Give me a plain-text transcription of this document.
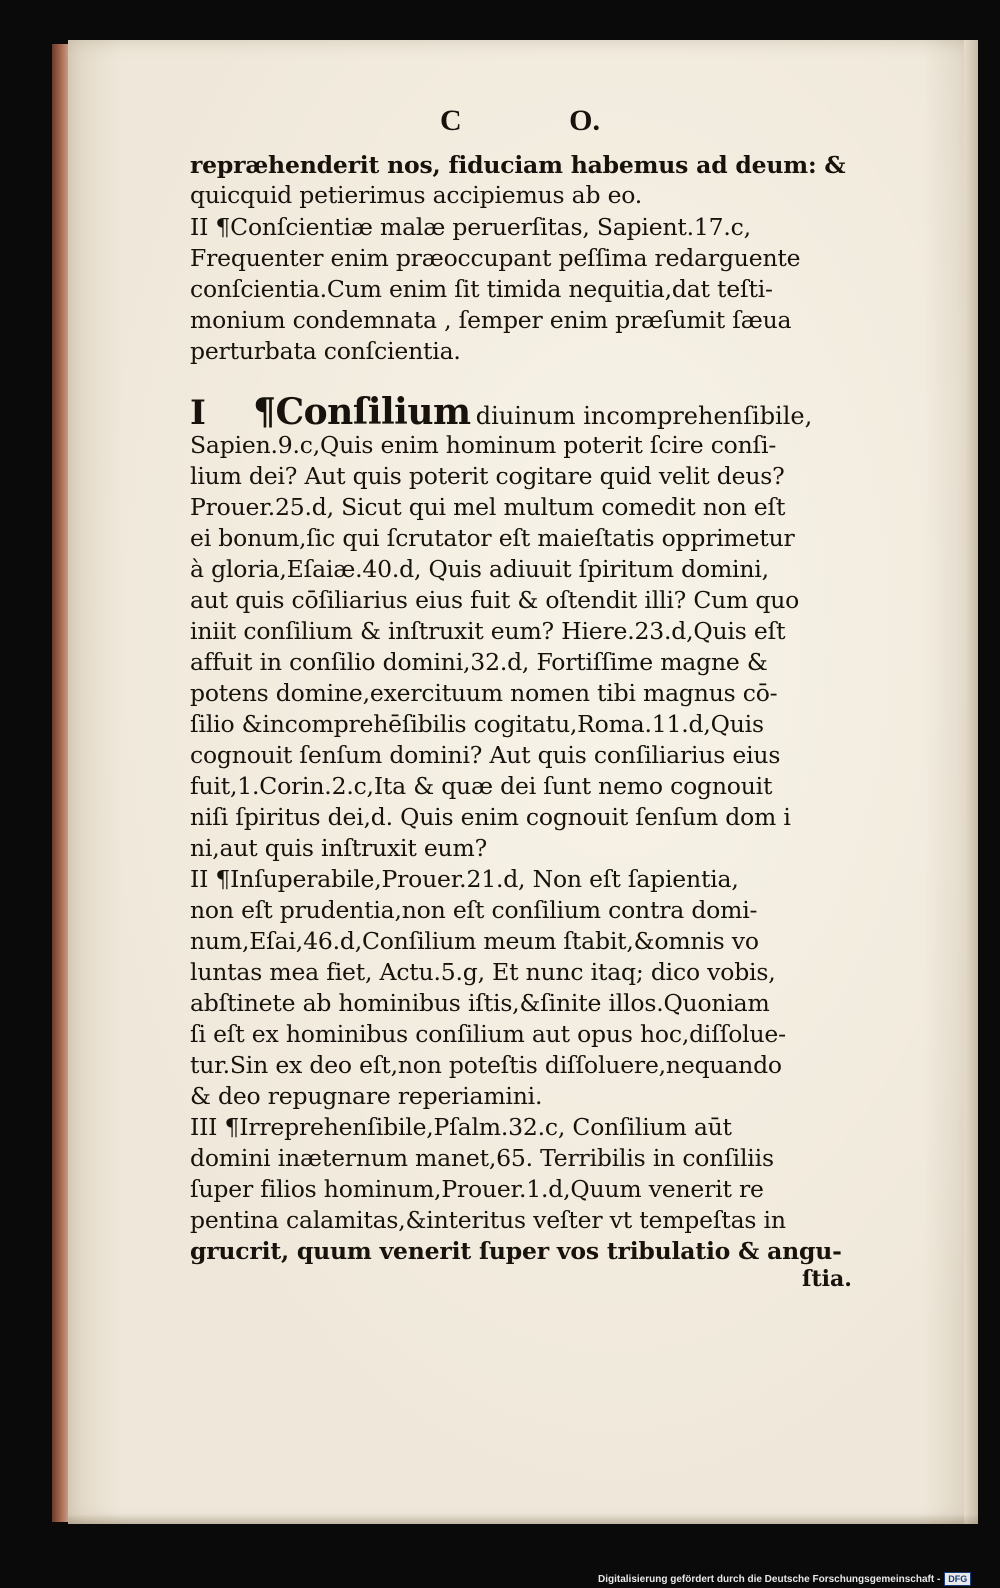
C	O.
repræhenderit nos, fiduciam habemus ad deum: &
quicquid petierimus accipiemus ab eo.
II ¶Conſcientiæ malæ peruerſitas, Sapient.17.c,
Frequenter enim præoccupant peſſima redarguente
conſcientia.Cum enim ſit timida nequitia,dat teſti-
monium condemnata , ſemper enim præſumit ſæua
perturbata conſcientia.
I ¶Conſilium diuinum incomprehenſibile,
Sapien.9.c,Quis enim hominum poterit ſcire conſi-
lium dei? Aut quis poterit cogitare quid velit deus?
Prouer.25.d, Sicut qui mel multum comedit non eſt
ei bonum,ſic qui ſcrutator eſt maieſtatis opprimetur
à gloria,Eſaiæ.40.d, Quis adiuuit ſpiritum domini,
aut quis cōſiliarius eius fuit & oſtendit illi? Cum quo
iniit conſilium & inſtruxit eum? Hiere.23.d,Quis eſt
affuit in conſilio domini,32.d, Fortiſſime magne &
potens domine,exercituum nomen tibi magnus cō-
ſilio &incomprehēſibilis cogitatu,Roma.11.d,Quis
cognouit ſenſum domini? Aut quis conſiliarius eius
fuit,1.Corin.2.c,Ita & quæ dei ſunt nemo cognouit
niſi ſpiritus dei,d. Quis enim cognouit ſenſum dom i
ni,aut quis inſtruxit eum?
II ¶Inſuperabile,Prouer.21.d, Non eſt ſapientia,
non eſt prudentia,non eſt conſilium contra domi-
num,Eſai,46.d,Conſilium meum ſtabit,&omnis vo
luntas mea fiet, Actu.5.g, Et nunc itaq; dico vobis,
abſtinete ab hominibus iſtis,&ſinite illos.Quoniam
ſi eſt ex hominibus conſilium aut opus hoc,diſſolue-
tur.Sin ex deo eſt,non poteſtis diſſoluere,nequando
& deo repugnare reperiamini.
III ¶Irreprehenſibile,Pſalm.32.c, Conſilium aūt
domini inæternum manet,65. Terribilis in conſiliis
ſuper filios hominum,Prouer.1.d,Quum venerit re
pentina calamitas,&interitus veſter vt tempeſtas in
grucrit, quum venerit ſuper vos tribulatio & angu-
ſtia.
Digitalisierung gefördert durch die Deutsche Forschungsgemeinschaft - DFG
